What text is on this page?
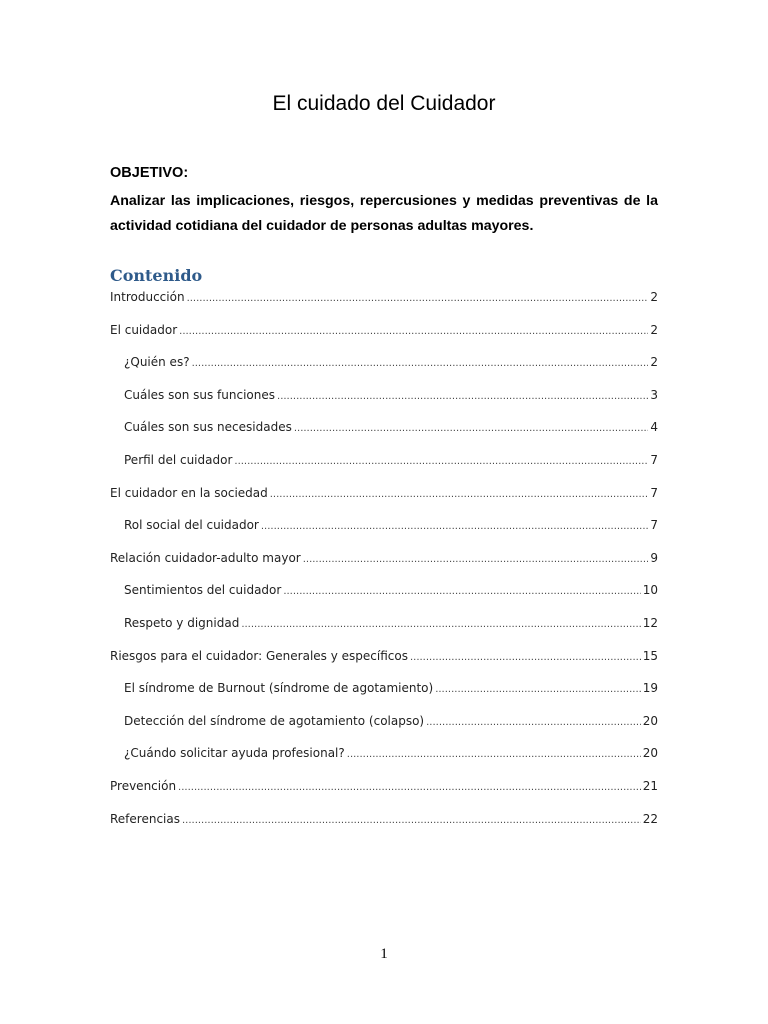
El cuidado del Cuidador
OBJETIVO:
Analizar las implicaciones, riesgos, repercusiones y medidas preventivas de la actividad cotidiana del cuidador de personas adultas mayores.
Contenido
Introducción .....	2
El cuidador .....	2
¿Quién es? .....	2
Cuáles son sus funciones .....	3
Cuáles son sus necesidades .....	4
Perfil del cuidador .....	7
El cuidador en la sociedad .....	7
Rol social del cuidador .....	7
Relación cuidador-adulto mayor .....	9
Sentimientos del cuidador .....	10
Respeto y dignidad .....	12
Riesgos para el cuidador: Generales y específicos .....	15
El síndrome de Burnout (síndrome de agotamiento) .....	19
Detección del síndrome de agotamiento (colapso) .....	20
¿Cuándo solicitar ayuda profesional? .....	20
Prevención .....	21
Referencias .....	22
1
